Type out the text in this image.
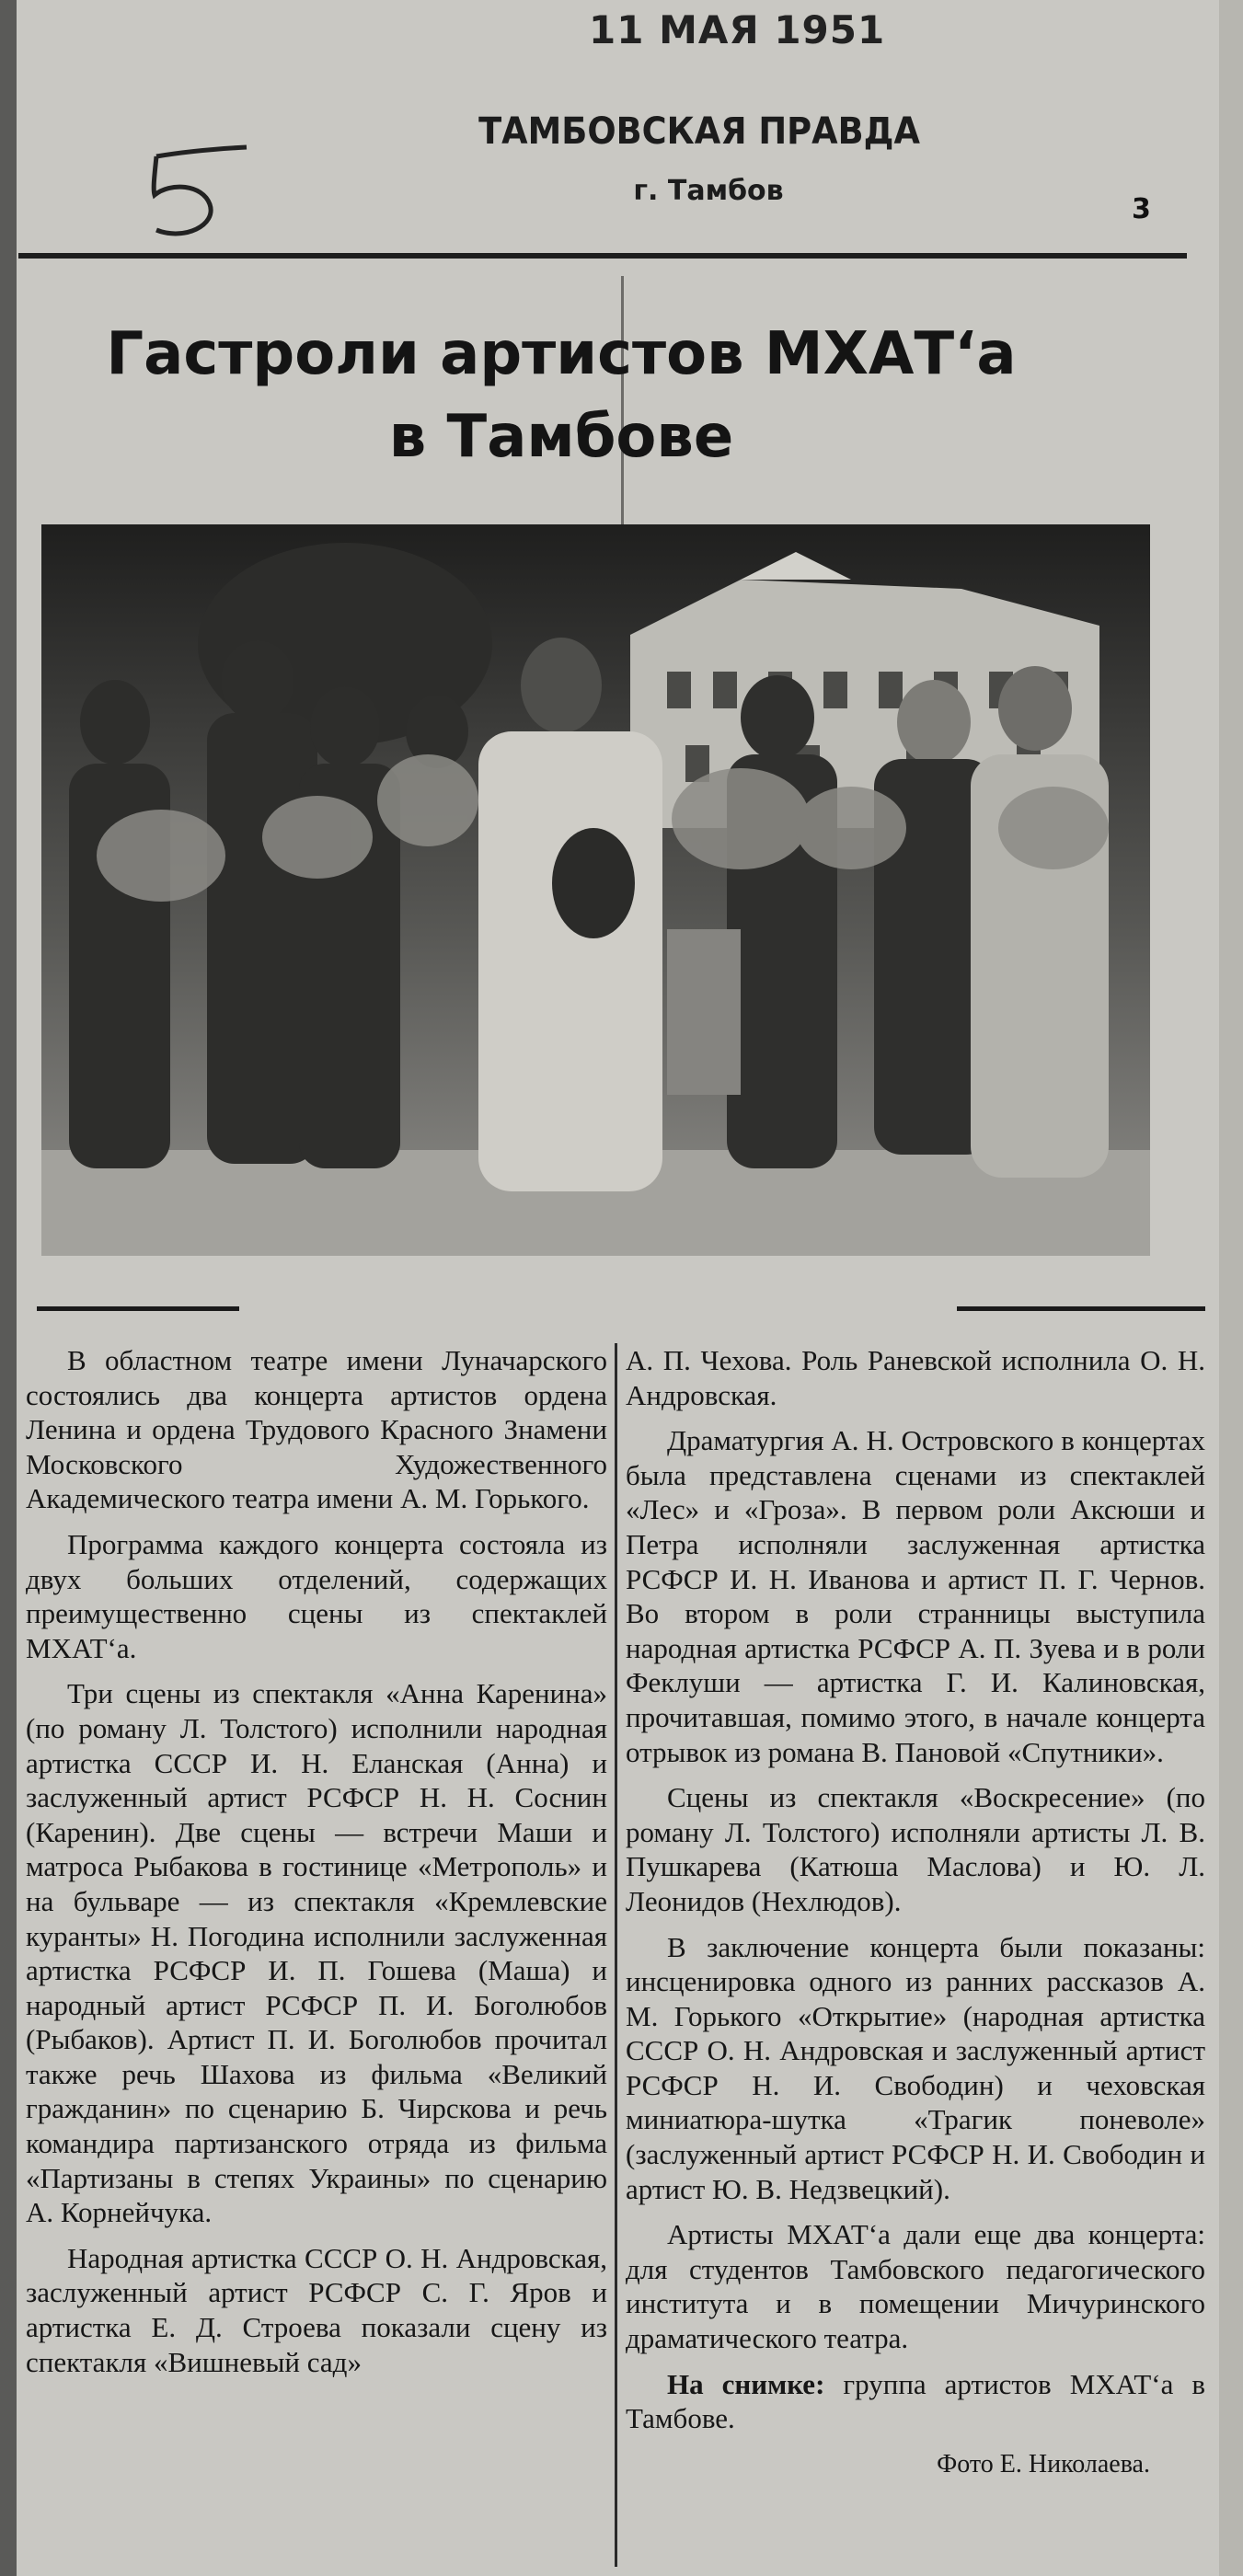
11 МАЯ 1951
ТАМБОВСКАЯ ПРАВДА
г. Тамбов
3
Гастроли артистов МХАТ‘а
в Тамбове

В областном театре имени Луначарского состоялись два концерта артистов ордена Ленина и ордена Трудового Красного Знамени Московского Художественного Академического театра имени А. М. Горького.

Программа каждого концерта состояла из двух больших отделений, содержащих преимущественно сцены из спектаклей МХАТ‘а.

Три сцены из спектакля «Анна Каренина» (по роману Л. Толстого) исполнили народная артистка СССР И. Н. Еланская (Анна) и заслуженный артист РСФСР Н. Н. Соснин (Каренин). Две сцены — встречи Маши и матроса Рыбакова в гостинице «Метрополь» и на бульваре — из спектакля «Кремлевские куранты» Н. Погодина исполнили заслуженная артистка РСФСР И. П. Гошева (Маша) и народный артист РСФСР П. И. Боголюбов (Рыбаков). Артист П. И. Боголюбов прочитал также речь Шахова из фильма «Великий гражданин» по сценарию Б. Чирскова и речь командира партизанского отряда из фильма «Партизаны в степях Украины» по сценарию А. Корнейчука.

Народная артистка СССР О. Н. Андровская, заслуженный артист РСФСР С. Г. Яров и артистка Е. Д. Строева показали сцену из спектакля «Вишневый сад»

А. П. Чехова. Роль Раневской исполнила О. Н. Андровская.

Драматургия А. Н. Островского в концертах была представлена сценами из спектаклей «Лес» и «Гроза». В первом роли Аксюши и Петра исполняли заслуженная артистка РСФСР И. Н. Иванова и артист П. Г. Чернов. Во втором в роли странницы выступила народная артистка РСФСР А. П. Зуева и в роли Феклуши — артистка Г. И. Калиновская, прочитавшая, помимо этого, в начале концерта отрывок из романа В. Пановой «Спутники».

Сцены из спектакля «Воскресение» (по роману Л. Толстого) исполняли артисты Л. В. Пушкарева (Катюша Маслова) и Ю. Л. Леонидов (Нехлюдов).

В заключение концерта были показаны: инсценировка одного из ранних рассказов А. М. Горького «Открытие» (народная артистка СССР О. Н. Андровская и заслуженный артист РСФСР Н. И. Свободин) и чеховская миниатюра-шутка «Трагик поневоле» (заслуженный артист РСФСР Н. И. Свободин и артист Ю. В. Недзвецкий).

Артисты МХАТ‘а дали еще два концерта: для студентов Тамбовского педагогического института и в помещении Мичуринского драматического театра.

На снимке: группа артистов МХАТ‘а в Тамбове.

Фото Е. Николаева.
